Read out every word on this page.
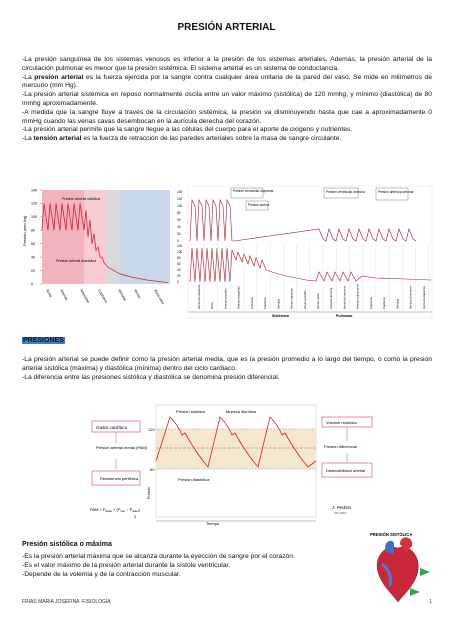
PRESIÓN ARTERIAL
-La presión sanguínea de los sistemas venosos es inferior a la presión de los sistemas arteriales. Además, la presión arterial de la circulación pulmonar es menor que la presión sistémica. El sistema arterial es un sistema de conductancia.
-La presión arterial es la fuerza ejercida por la sangre contra cualquier área unitaria de la pared del vaso. Se mide en milímetros de mercurio (mm Hg).
-La presión arterial sistémica en reposo normalmente oscila entre un valor máximo (sistólica) de 120 mmhg, y mínimo (diastólica) de 80 mmhg aproximadamente.
-A medida que la sangre fluye a través de la circulación sistémica, la presión va disminuyendo hasta que cae a aproximadamente 0 mmHg cuando las venas cavas desembocan en la aurícula derecha del corazón.
-La presión arterial permite que la sangre llegue a las células del cuerpo para el aporte de oxígeno y nutrientes.
-La tensión arterial es la fuerza de retracción de las paredes arteriales sobre la masa de sangre circulante.
0
20
40
60
80
100
120
140
Presión (mm Hg)
Presión arterial sistólica
Presión arterial diastólica
Aorta Arterias	Arteriolas Capilares Vénulas Venas	Vena cava
140
120
100
80
60
40
20
0
Presión ventricular izquierda
Presión aórtica
Presión ventricular derecha	Presión arterial pulmonar
120
100
80
60
40
20
0
Ventrículo izquierdo	Aorta	Arterias grandes	Arterias pequeñas	Arteriolas	Capilares	Vénulas	Venas pequeñas	Venas grandes	Venas cavas	Aurícula derecha	Ventrículo derecho	Arterias pulmonares	Arteriolas	Capilares	Vénulas	Venas pulmonares	Aurícula izquierda
Sistémica	Pulmonar
PRESIONES
-La presión arterial se puede definir como la presión arterial media, que es la presión promedio a lo largo del tiempo, o como la presión arterial sistólica (máxima) y diastólica (mínima) dentro del ciclo cardiaco.
-La diferencia entre las presiones sistólica y diastólica se denomina presión diferencial.
Gasto cardíaco
Presión arterial media (PAM)
Resistencia periférica
PAM = $P_{diast} + (P_{sist} - P_{diast})$
3
120
80
Presión sistólica	Muesca dicrótica
Presión diastólica
Presión
Tiempo
Volumen sistólico
Presión diferencial
Distensibilidad arterial
J. Perkins
MS, MFA
Presión sistólica o máxima
-Es la presión arterial máxima que se alcanza durante la eyección de sangre por el corazón.
-Es el valor máximo de la presión arterial durante la sístole ventricular.
-Depende de la volemia y de la contracción muscular.
PRESIÓN SISTÓLICA
FRIAS MARIA JOSEFINA -FISIOLOGÍA	1
